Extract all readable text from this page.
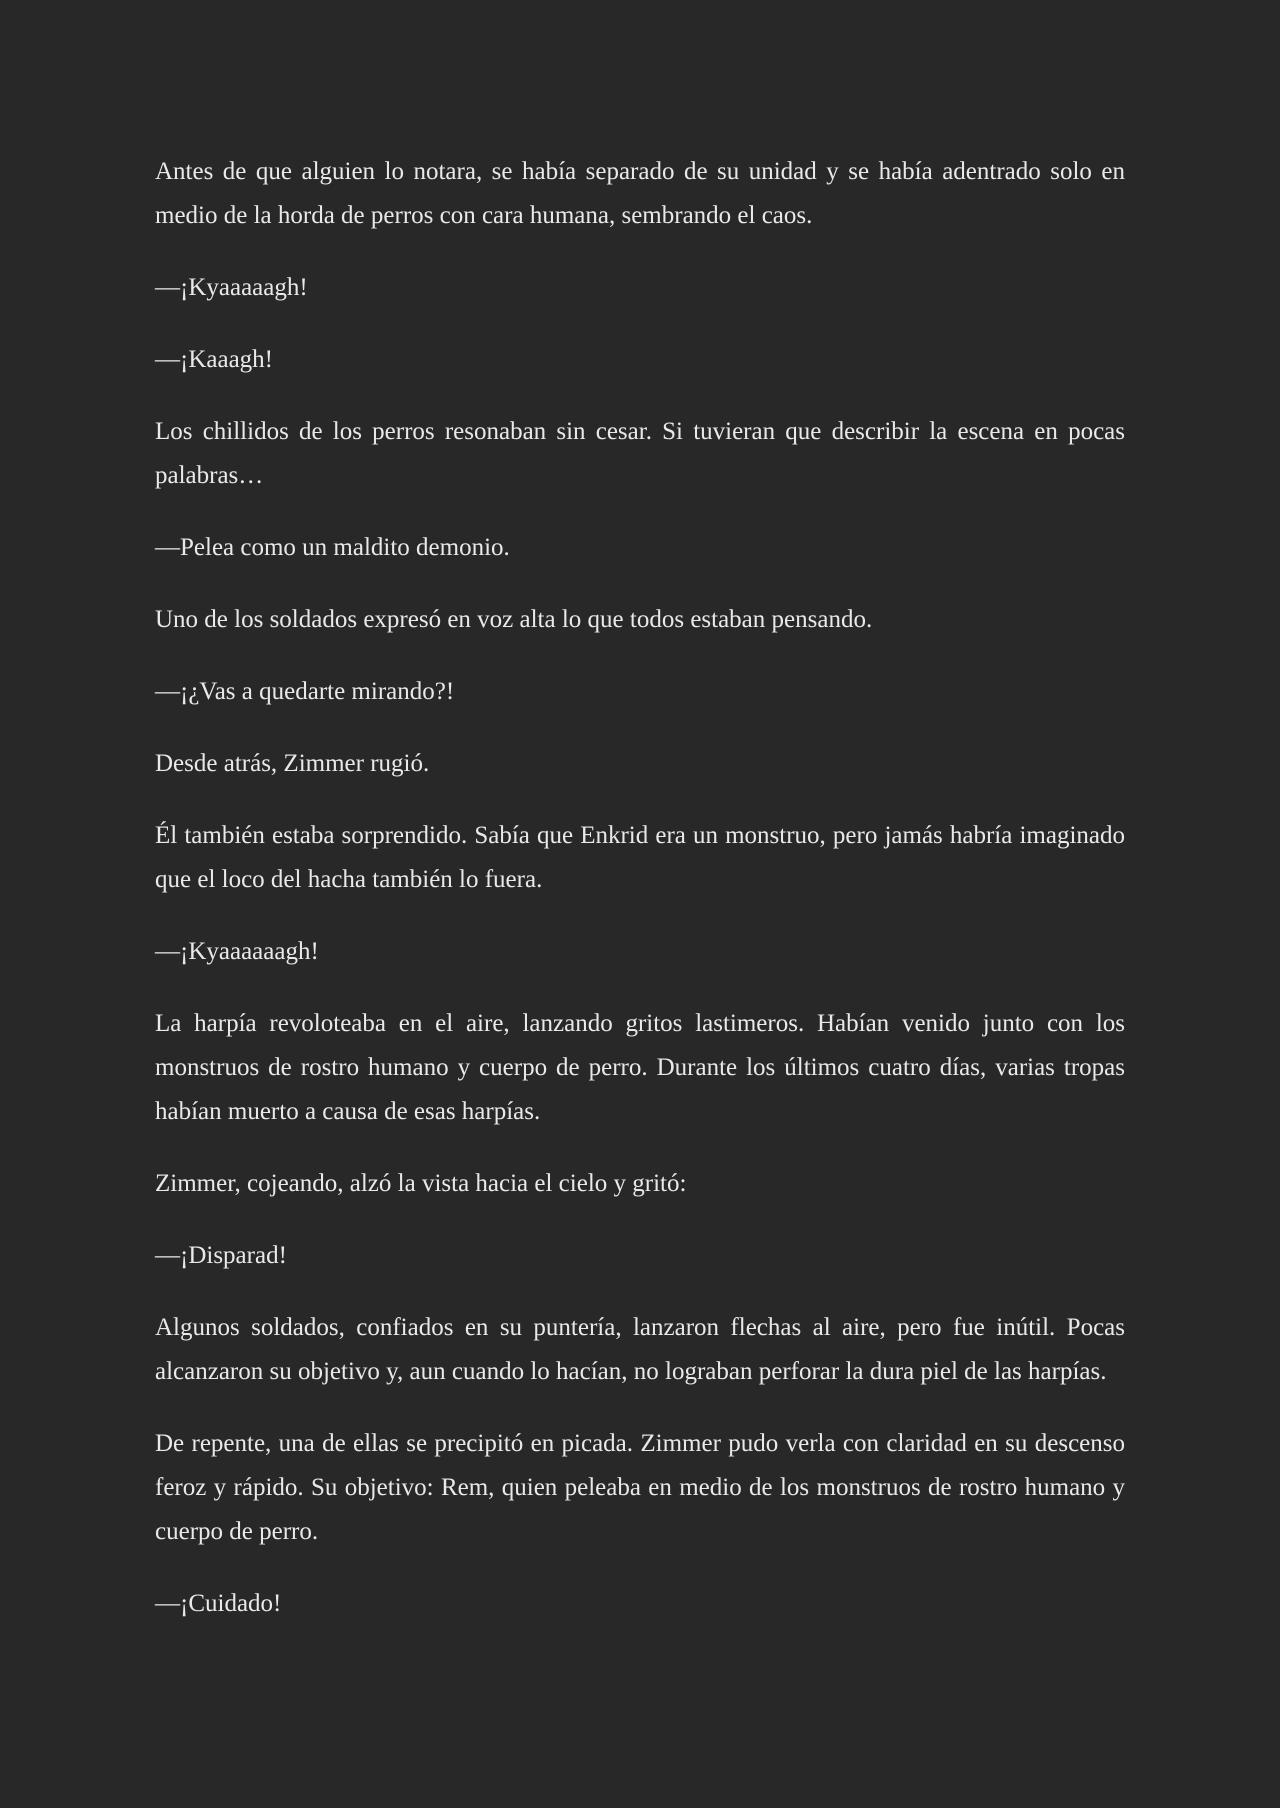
Antes de que alguien lo notara, se había separado de su unidad y se había adentrado solo en medio de la horda de perros con cara humana, sembrando el caos.

—¡Kyaaaaagh!

—¡Kaaagh!

Los chillidos de los perros resonaban sin cesar. Si tuvieran que describir la escena en pocas palabras…

—Pelea como un maldito demonio.

Uno de los soldados expresó en voz alta lo que todos estaban pensando.

—¡¿Vas a quedarte mirando?!

Desde atrás, Zimmer rugió.

Él también estaba sorprendido. Sabía que Enkrid era un monstruo, pero jamás habría imaginado que el loco del hacha también lo fuera.

—¡Kyaaaaaagh!

La harpía revoloteaba en el aire, lanzando gritos lastimeros. Habían venido junto con los monstruos de rostro humano y cuerpo de perro. Durante los últimos cuatro días, varias tropas habían muerto a causa de esas harpías.

Zimmer, cojeando, alzó la vista hacia el cielo y gritó:

—¡Disparad!

Algunos soldados, confiados en su puntería, lanzaron flechas al aire, pero fue inútil. Pocas alcanzaron su objetivo y, aun cuando lo hacían, no lograban perforar la dura piel de las harpías.

De repente, una de ellas se precipitó en picada. Zimmer pudo verla con claridad en su descenso feroz y rápido. Su objetivo: Rem, quien peleaba en medio de los monstruos de rostro humano y cuerpo de perro.

—¡Cuidado!
